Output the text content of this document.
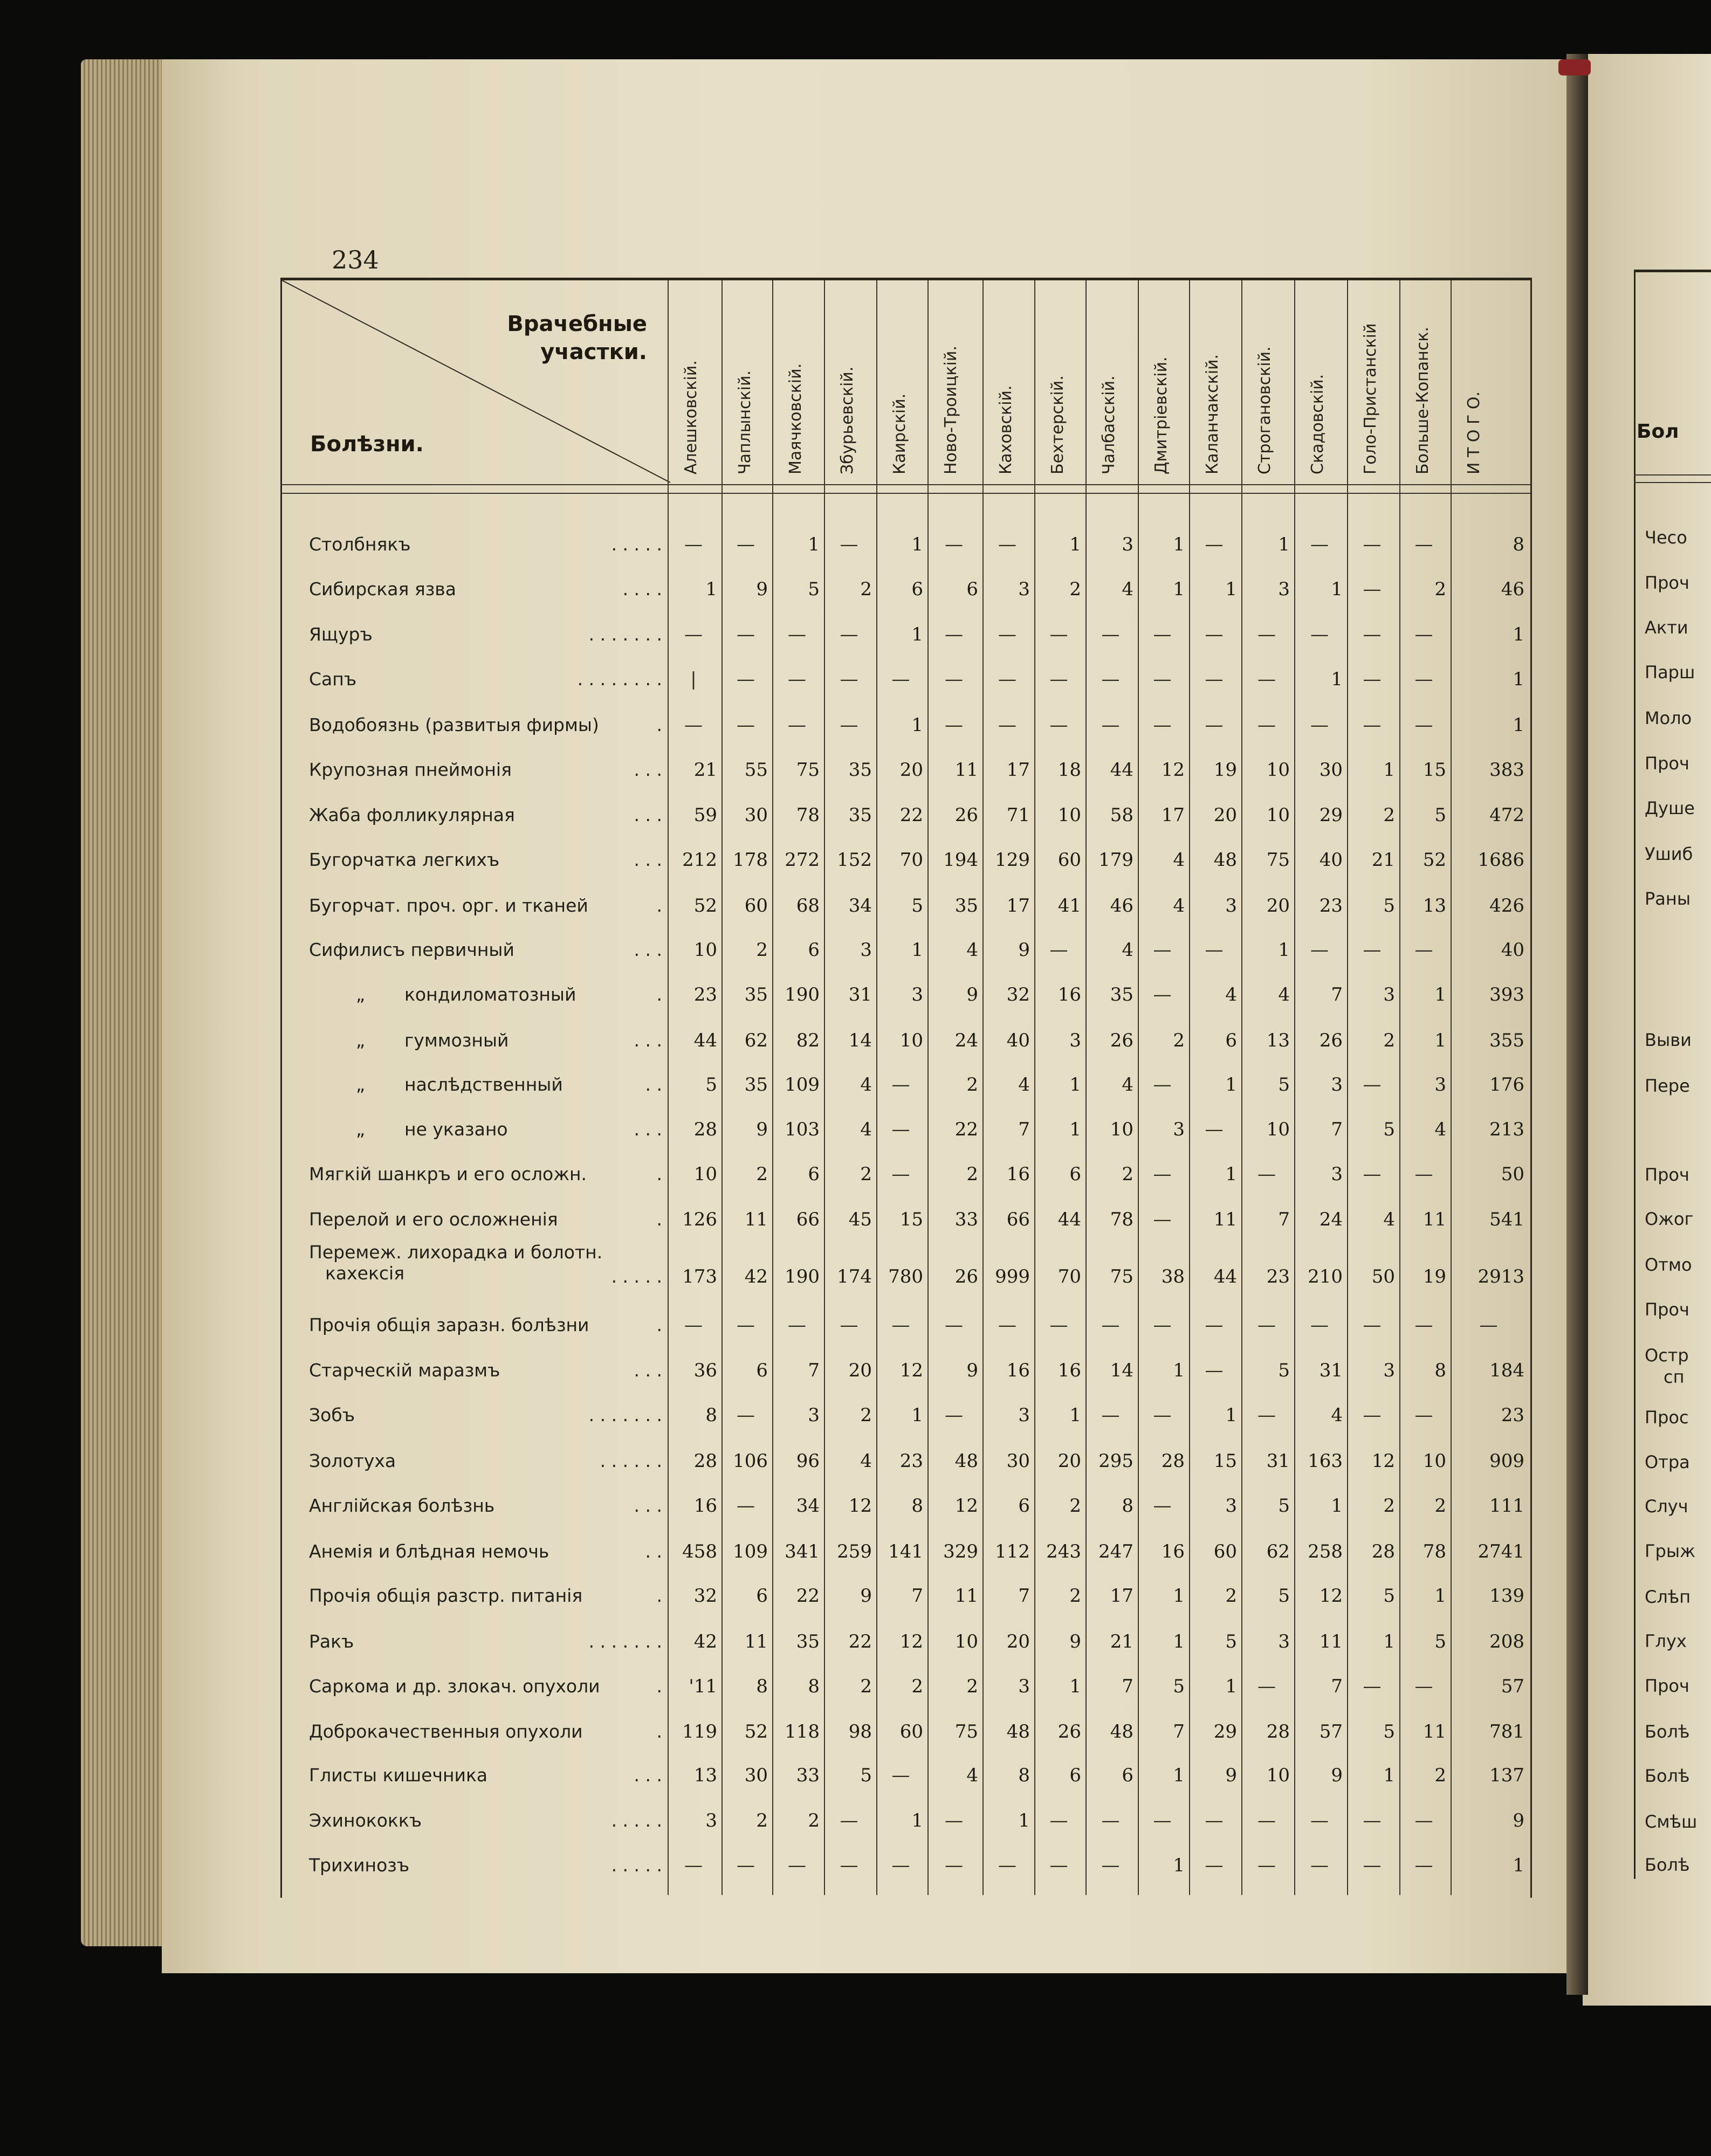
234
Врачебные
участки.
Болѣзни.	Алешковскій. Чаплынскій. Маячковскій. Збурьевскій. Каирскій. Ново-Троицкій. Каховскій. Бехтерскій. Чалбасскій. Дмитріевскій. Каланчакскій. Строгановскій. Скадовскій. Голо-Пристанскій Больше-Копанск. И Т О Г О.
Столбнякъ	. . . . .	—	—	1	—	1	—	—	1	3	1	—	1	—	—	—	8
Сибирская язва	. . . .	1	9	5	2	6	6	3	2	4	1	1	3	1	—	2	46
Ящуръ	. . . . . . .	—	—	—	—	1	—	—	—	—	—	—	—	—	—	—	1
Сапъ	. . . . . . . .	|	—	—	—	—	—	—	—	—	—	—	—	1	—	—	1
Водобоязнь (развитыя фирмы)	.	—	—	—	—	1	—	—	—	—	—	—	—	—	—	—	1
Крупозная пнеймонія	. . .	21	55	75	35	20	11	17	18	44	12	19	10	30	1	15	383
Жаба фолликулярная	. . .	59	30	78	35	22	26	71	10	58	17	20	10	29	2	5	472
Бугорчатка легкихъ	. . .	212 178 272 152	70	194 129	60 179	4	48	75	40	21	52	1686
Бугорчат. проч. орг. и тканей	.	52	60	68	34	5	35	17	41	46	4	3	20	23	5	13	426
Сифилисъ первичный	. . .	10	2	6	3	1	4	9	—	4	—	—	1	—	—	—	40
„ кондиломатозный	.	23	35 190	31	3	9	32	16	35	—	4	4	7	3	1	393
„ гуммозный	. . .	44	62	82	14	10	24	40	3	26	2	6	13	26	2	1	355
„ наслѣдственный	. .	5	35 109	4	—	2	4	1	4	—	1	5	3	—	3	176
„ не указано	. . .	28	9 103	4	—	22	7	1	10	3	—	10	7	5	4	213
Мягкій шанкръ и его осложн.	.	10	2	6	2	—	2	16	6	2	—	1	—	3	—	—	50
Перелой и его осложненія	.	126	11	66	45	15	33	66	44	78	—	11	7	24	4	11	541
Перемеж. лихорадка и болотн.
кахексія	. . . . .	173	42 190 174 780	26 999	70	75	38	44	23 210	50	19	2913
Прочія общія заразн. болѣзни	.	—	—	—	—	—	—	—	—	—	—	—	—	—	—	—	—
Старческій маразмъ	. . .	36	6	7	20	12	9	16	16	14	1	—	5	31	3	8	184
Зобъ	. . . . . . .	8	—	3	2	1	—	3	1	—	—	1	—	4	—	—	23
Золотуха	. . . . . .	28 106	96	4	23	48	30	20 295	28	15	31 163	12	10	909
Англійская болѣзнь	. . .	16	—	34	12	8	12	6	2	8	—	3	5	1	2	2	111
Анемія и блѣдная немочь	. .	458 109 341 259 141	329 112 243 247	16	60	62 258	28	78	2741
Прочія общія разстр. питанія	.	32	6	22	9	7	11	7	2	17	1	2	5	12	5	1	139
Ракъ	. . . . . . .	42	11	35	22	12	10	20	9	21	1	5	3	11	1	5	208
Саркома и др. злокач. опухоли	.	'11	8	8	2	2	2	3	1	7	5	1	—	7	—	—	57
Доброкачественныя опухоли	.	119	52 118	98	60	75	48	26	48	7	29	28	57	5	11	781
Глисты кишечника	. . .	13	30	33	5	—	4	8	6	6	1	9	10	9	1	2	137
Эхинококкъ	. . . . .	3	2	2	—	1	—	1	—	—	—	—	—	—	—	—	9
Трихинозъ	. . . . .	—	—	—	—	—	—	—	—	—	1	—	—	—	—	—	1
Бол
Чесо
Проч
Акти
Парш
Моло
Проч
Душе
Ушиб
Раны
Выви
Пере
Проч
Ожог
Отмо
Проч
Остр
сп
Прос
Отра
Случ
Грыж
Слѣп
Глух
Проч
Болѣ
Болѣ
Смѣш
Болѣ
